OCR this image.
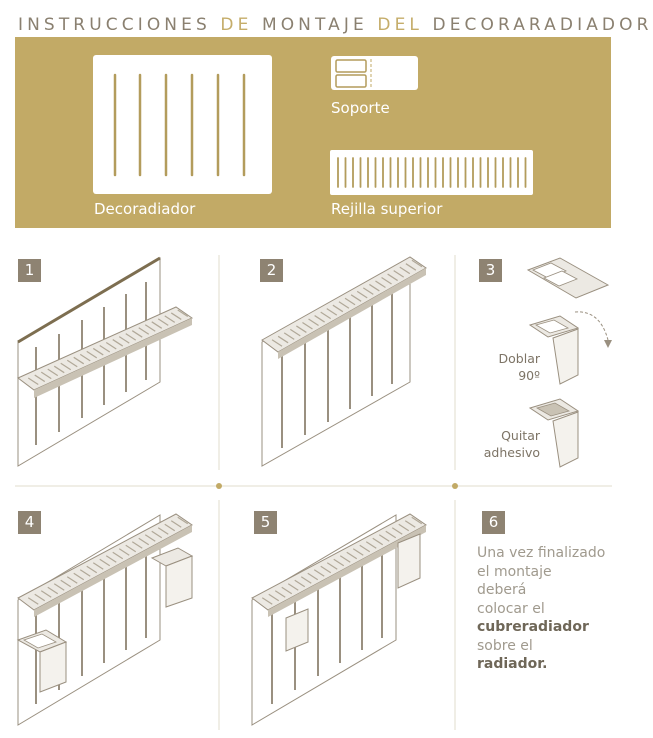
INSTRUCCIONES DE MONTAJE DEL DECORARADIADOR
Decoradiador
Soporte
Rejilla superior
1	2	3
4	5	6
Doblar
90º
Quitar
adhesivo
Una vez finalizado
el montaje
deberá
colocar el
cubreradiador
sobre el
radiador.
